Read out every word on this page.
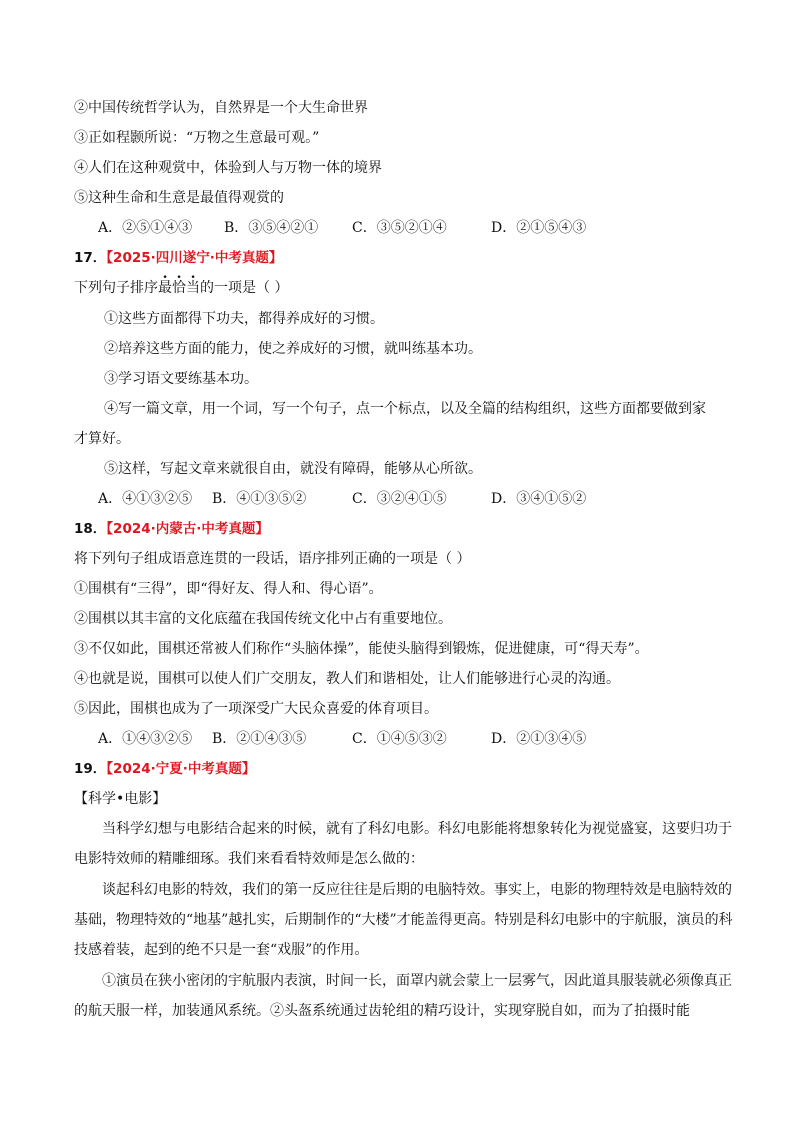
②中国传统哲学认为，自然界是一个大生命世界
③正如程颢所说：“万物之生意最可观。”
④人们在这种观赏中，体验到人与万物一体的境界
⑤这种生命和生意是最值得观赏的
A．②⑤①④③ B．③⑤④②① C．③⑤②①④	D．②①⑤④③
17．【2025·四川遂宁·中考真题】
下列句子排序最恰当的一项是（ ）
①这些方面都得下功夫，都得养成好的习惯。
②培养这些方面的能力，使之养成好的习惯，就叫练基本功。
③学习语文要练基本功。
④写一篇文章，用一个词，写一个句子，点一个标点，以及全篇的结构组织，这些方面都要做到家
才算好。
⑤这样，写起文章来就很自由，就没有障碍，能够从心所欲。
A．④①③②⑤ B．④①③⑤②	C．③②④①⑤	D．③④①⑤②
18．【2024·内蒙古·中考真题】
将下列句子组成语意连贯的一段话，语序排列正确的一项是（ ）
①围棋有“三得”，即“得好友、得人和、得心语”。
②围棋以其丰富的文化底蕴在我国传统文化中占有重要地位。
③不仅如此，围棋还常被人们称作“头脑体操”，能使头脑得到锻炼，促进健康，可“得天寿”。
④也就是说，围棋可以使人们广交朋友，教人们和谐相处，让人们能够进行心灵的沟通。
⑤因此，围棋也成为了一项深受广大民众喜爱的体育项目。
A．①④③②⑤ B．②①④③⑤	C．①④⑤③②	D．②①③④⑤
19．【2024·宁夏·中考真题】
【科学•电影】
当科学幻想与电影结合起来的时候，就有了科幻电影。科幻电影能将想象转化为视觉盛宴，这要归功于电影特效师的精雕细琢。我们来看看特效师是怎么做的：
谈起科幻电影的特效，我们的第一反应往往是后期的电脑特效。事实上，电影的物理特效是电脑特效的基础，物理特效的“地基”越扎实，后期制作的“大楼”才能盖得更高。特别是科幻电影中的宇航服，演员的科技感着装，起到的绝不只是一套“戏服”的作用。
①演员在狭小密闭的宇航服内表演，时间一长，面罩内就会蒙上一层雾气，因此道具服装就必须像真正的航天服一样，加装通风系统。②头盔系统通过齿轮组的精巧设计，实现穿脱自如，而为了拍摄时能
